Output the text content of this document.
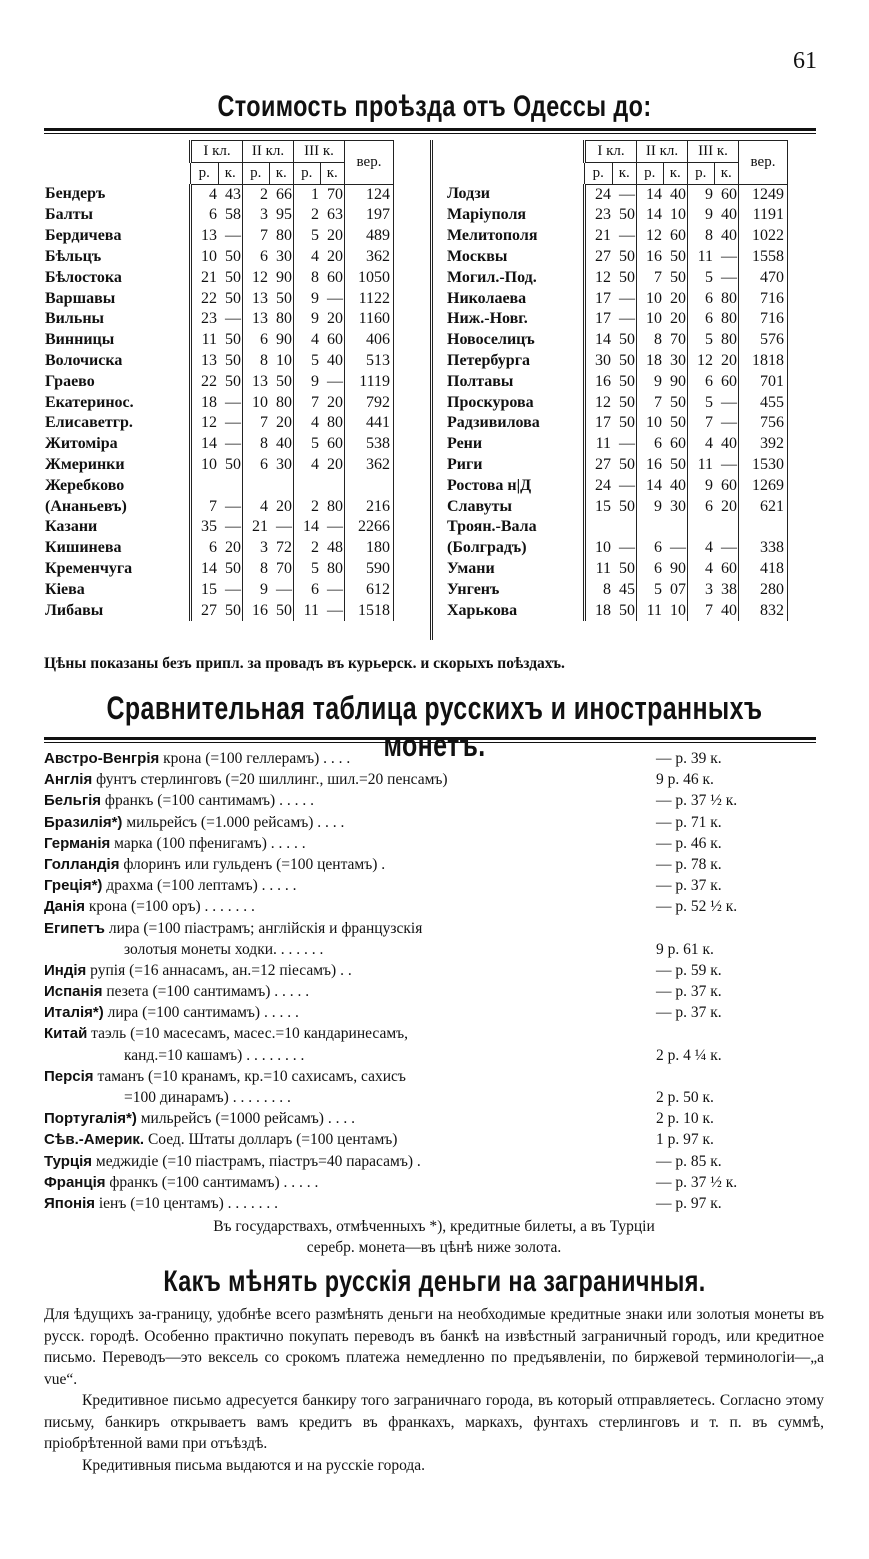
61
Стоимость проѣзда отъ Одессы до:
	I кл.		II кл.		III к.		вер.
	р.	к.	р.	к.	р.	к.	
Бендеръ	4	43	2	66	1	70	124
Балты	6	58	3	95	2	63	197
Бердичева	13	—	7	80	5	20	489
Бѣльцъ	10	50	6	30	4	20	362
Бѣлостока	21	50	12	90	8	60	1050
Варшавы	22	50	13	50	9	—	1122
Вильны	23	—	13	80	9	20	1160
Винницы	11	50	6	90	4	60	406
Волочиска	13	50	8	10	5	40	513
Граево	22	50	13	50	9	—	1119
Екатеринос.	18	—	10	80	7	20	792
Елисаветгр.	12	—	7	20	4	80	441
Житоміра	14	—	8	40	5	60	538
Жмеринки	10	50	6	30	4	20	362
Жеребково							
(Ананьевъ)	7	—	4	20	2	80	216
Казани	35	—	21	—	14	—	2266
Кишинева	6	20	3	72	2	48	180
Кременчуга	14	50	8	70	5	80	590
Кіева	15	—	9	—	6	—	612
Либавы	27	50	16	50	11	—	1518
	I кл.		II кл.		III к.		вер.
	р.	к.	р.	к.	р.	к.	
Лодзи	24	—	14	40	9	60	1249
Маріуполя	23	50	14	10	9	40	1191
Мелитополя	21	—	12	60	8	40	1022
Москвы	27	50	16	50	11	—	1558
Могил.-Под.	12	50	7	50	5	—	470
Николаева	17	—	10	20	6	80	716
Ниж.-Новг.	17	—	10	20	6	80	716
Новоселицъ	14	50	8	70	5	80	576
Петербурга	30	50	18	30	12	20	1818
Полтавы	16	50	9	90	6	60	701
Проскурова	12	50	7	50	5	—	455
Радзивилова	17	50	10	50	7	—	756
Рени	11	—	6	60	4	40	392
Риги	27	50	16	50	11	—	1530
Ростова н|Д	24	—	14	40	9	60	1269
Славуты	15	50	9	30	6	20	621
Троян.-Вала							
(Болградъ)	10	—	6	—	4	—	338
Умани	11	50	6	90	4	60	418
Унгенъ	8	45	5	07	3	38	280
Харькова	18	50	11	10	7	40	832
Цѣны показаны безъ припл. за провадъ въ курьерск. и скорыхъ поѣздахъ.
Сравнительная таблица русскихъ и иностранныхъ монетъ.
Австро-Венгрія крона (=100 геллерамъ) . . . .	— р. 39 к.
Англія фунтъ стерлинговъ (=20 шиллинг., шил.=20 пенсамъ)	9 р. 46 к.
Бельгія франкъ (=100 сантимамъ) . . . . .	— р. 37 ½ к.
Бразилія*) мильрейсъ (=1.000 рейсамъ) . . . .	— р. 71 к.
Германія марка (100 пфенигамъ) . . . . .	— р. 46 к.
Голландія флоринъ или гульденъ (=100 центамъ) .	— р. 78 к.
Греція*) драхма (=100 лептамъ) . . . . .	— р. 37 к.
Данія крона (=100 оръ) . . . . . . .	— р. 52 ½ к.
Египетъ лира (=100 піастрамъ; англійскія и французскія
золотыя монеты ходки. . . . . . .	9 р. 61 к.
Индія рупія (=16 аннасамъ, ан.=12 піесамъ) . .	— р. 59 к.
Испанія пезета (=100 сантимамъ) . . . . .	— р. 37 к.
Италія*) лира (=100 сантимамъ) . . . . .	— р. 37 к.
Китай таэль (=10 масесамъ, масес.=10 кандаринесамъ,
канд.=10 кашамъ) . . . . . . . .	2 р. 4 ¼ к.
Персія таманъ (=10 кранамъ, кр.=10 сахисамъ, сахисъ
=100 динарамъ) . . . . . . . .	2 р. 50 к.
Португалія*) мильрейсъ (=1000 рейсамъ) . . . .	2 р. 10 к.
Сѣв.-Америк. Соед. Штаты долларъ (=100 центамъ)	1 р. 97 к.
Турція меджидіе (=10 піастрамъ, піастръ=40 парасамъ) .	— р. 85 к.
Франція франкъ (=100 сантимамъ) . . . . .	— р. 37 ½ к.
Японія іенъ (=10 центамъ) . . . . . . .	— р. 97 к.
Въ государствахъ, отмѣченныхъ *), кредитные билеты, а въ Турціи
серебр. монета—въ цѣнѣ ниже золота.
Какъ мѣнять русскія деньги на заграничныя.

Для ѣдущихъ за-границу, удобнѣе всего размѣнять деньги на необходимые кредитные знаки или золотыя монеты въ русск. городѣ. Особенно практично покупать переводъ въ банкѣ на извѣстный заграничный городъ, или кредитное письмо. Переводъ—это вексель со срокомъ платежа немедленно по предъявленіи, по биржевой терминологіи—„a vue“.

Кредитивное письмо адресуется банкиру того заграничнаго города, въ который отправляетесь. Согласно этому письму, банкиръ открываетъ вамъ кредитъ въ франкахъ, маркахъ, фунтахъ стерлинговъ и т. п. въ суммѣ, пріобрѣтенной вами при отъѣздѣ.

Кредитивныя письма выдаются и на русскіе города.
